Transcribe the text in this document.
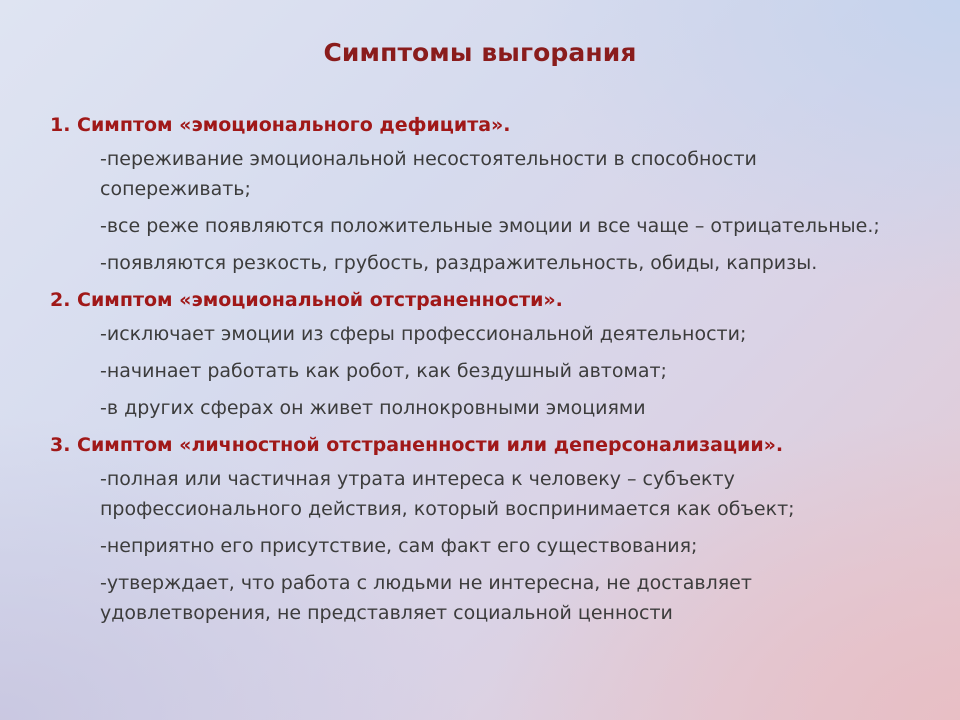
Симптомы выгорания
1. Симптом «эмоционального дефицита».
-переживание эмоциональной несостоятельности в способности сопереживать;
-все реже появляются положительные эмоции и все чаще – отрицательные.;
-появляются резкость, грубость, раздражительность, обиды, капризы.
2. Симптом «эмоциональной отстраненности».
-исключает эмоции из сферы профессиональной деятельности;
-начинает работать как робот, как бездушный автомат;
-в других сферах он живет полнокровными эмоциями
3. Симптом «личностной отстраненности или деперсонализации».
-полная или частичная утрата интереса к человеку – субъекту профессионального действия, который воспринимается как объект;
-неприятно его присутствие, сам факт его существования;
-утверждает, что работа с людьми не интересна, не доставляет удовлетворения, не представляет социальной ценности
